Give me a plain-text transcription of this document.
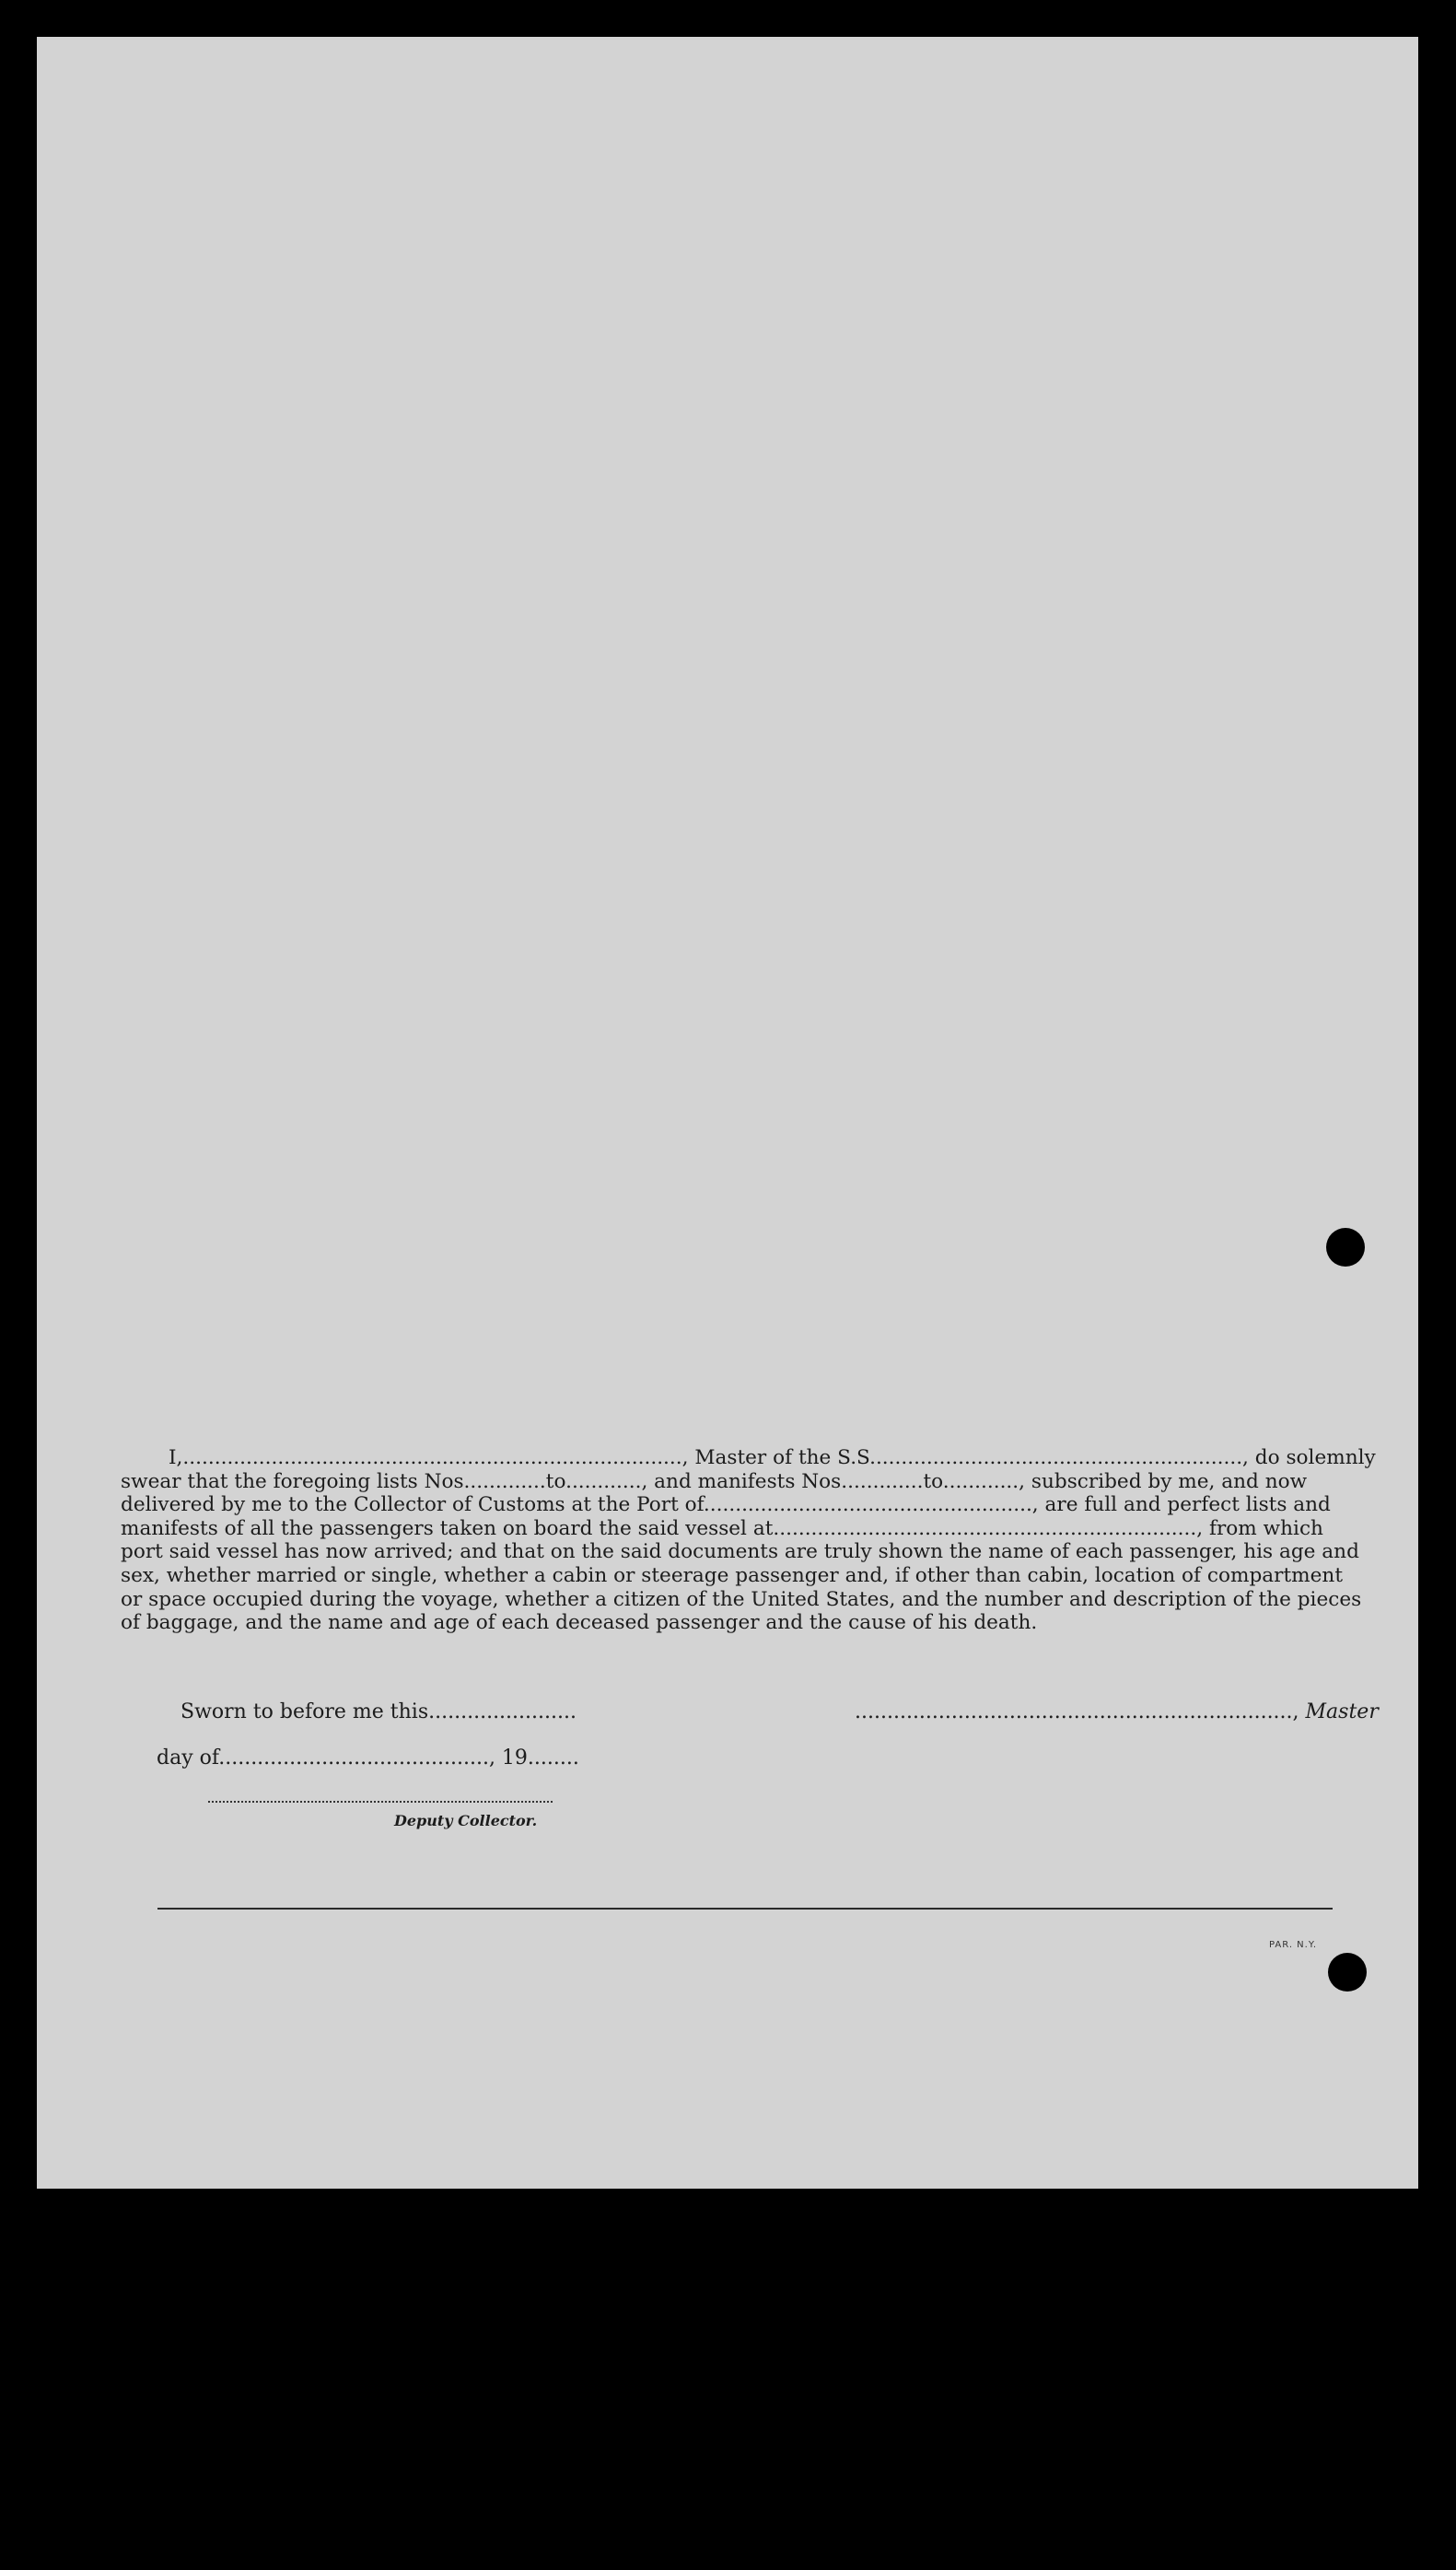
I,..............................................................................., Master of the S.S..........................................................., do solemnly
swear that the foregoing lists Nos.............to............, and manifests Nos.............to............, subscribed by me, and now
delivered by me to the Collector of Customs at the Port of...................................................., are full and perfect lists and
manifests of all the passengers taken on board the said vessel at..................................................................., from which
port said vessel has now arrived; and that on the said documents are truly shown the name of each passenger, his age and
sex, whether married or single, whether a cabin or steerage passenger and, if other than cabin, location of compartment
or space occupied during the voyage, whether a citizen of the United States, and the number and description of the pieces
of baggage, and the name and age of each deceased passenger and the cause of his death.
Sworn to before me this.......................	...................................................................., Master
day of.........................................., 19........
Deputy Collector.
PAR. N.Y.
